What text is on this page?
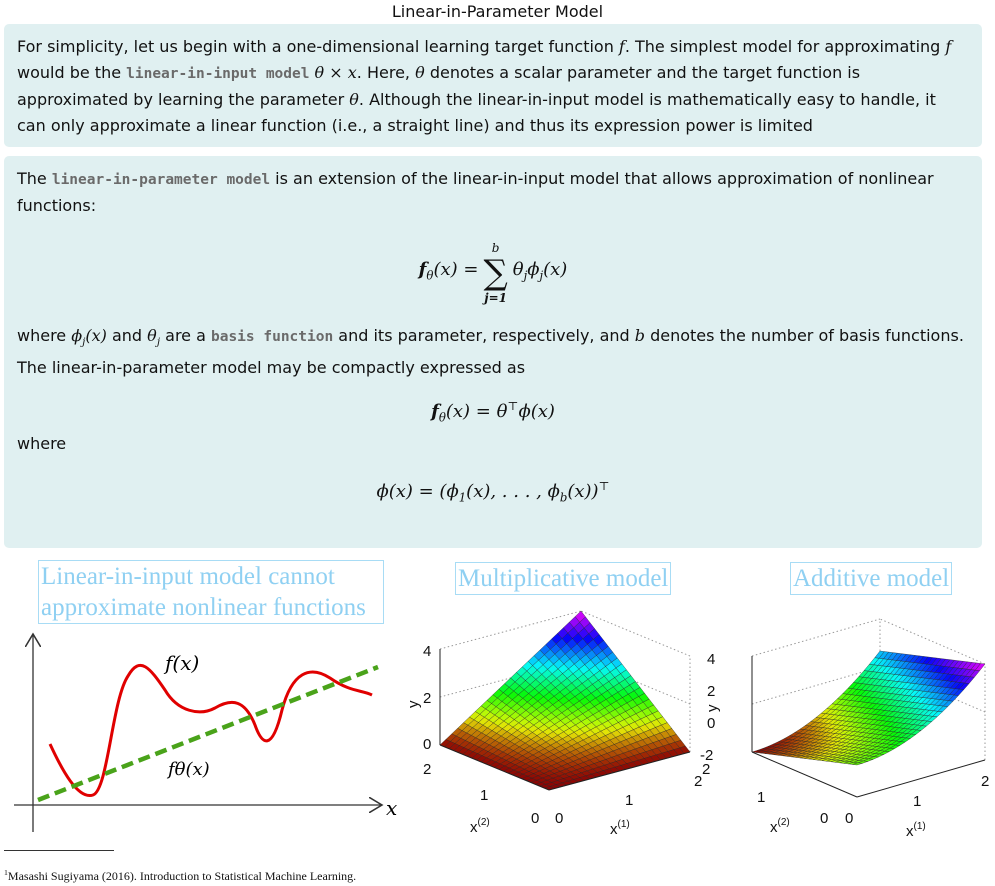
Linear-in-Parameter Model
For simplicity, let us begin with a one-dimensional learning target function f. The simplest model for approximating f would be the linear-in-input model θ × x. Here, θ denotes a scalar parameter and the target function is approximated by learning the parameter θ. Although the linear-in-input model is mathematically easy to handle, it can only approximate a linear function (i.e., a straight line) and thus its expression power is limited
The linear-in-parameter model is an extension of the linear-in-input model that allows approximation of nonlinear functions:
$f_\theta(x)$ =
b
∑
j=1
$\theta_j\phi_j(x)$
where $\phi_j(x)$ and $\theta_j$ are a basis function and its parameter, respectively, and b denotes the number of basis functions. The linear-in-parameter model may be compactly expressed as
$f_\theta(x) = \theta^⊤\phi(x)$
where
$\phi(x) = (\phi_1(x)$, . . . , $\phi_b(x))^⊤$
Linear-in-input model cannot
approximate nonlinear functions
Multiplicative model	Additive model
f(x)
fθ(x)
x
4
2
0
y
2
1
0 0
1
2
$x^{(2)}$	$x^{(1)}$
4
2
0
-2
y
2
1
0 0
1
2
$x^{(2)}$
$x^{(1)}$
$^1$Masashi Sugiyama (2016). Introduction to Statistical Machine Learning.
